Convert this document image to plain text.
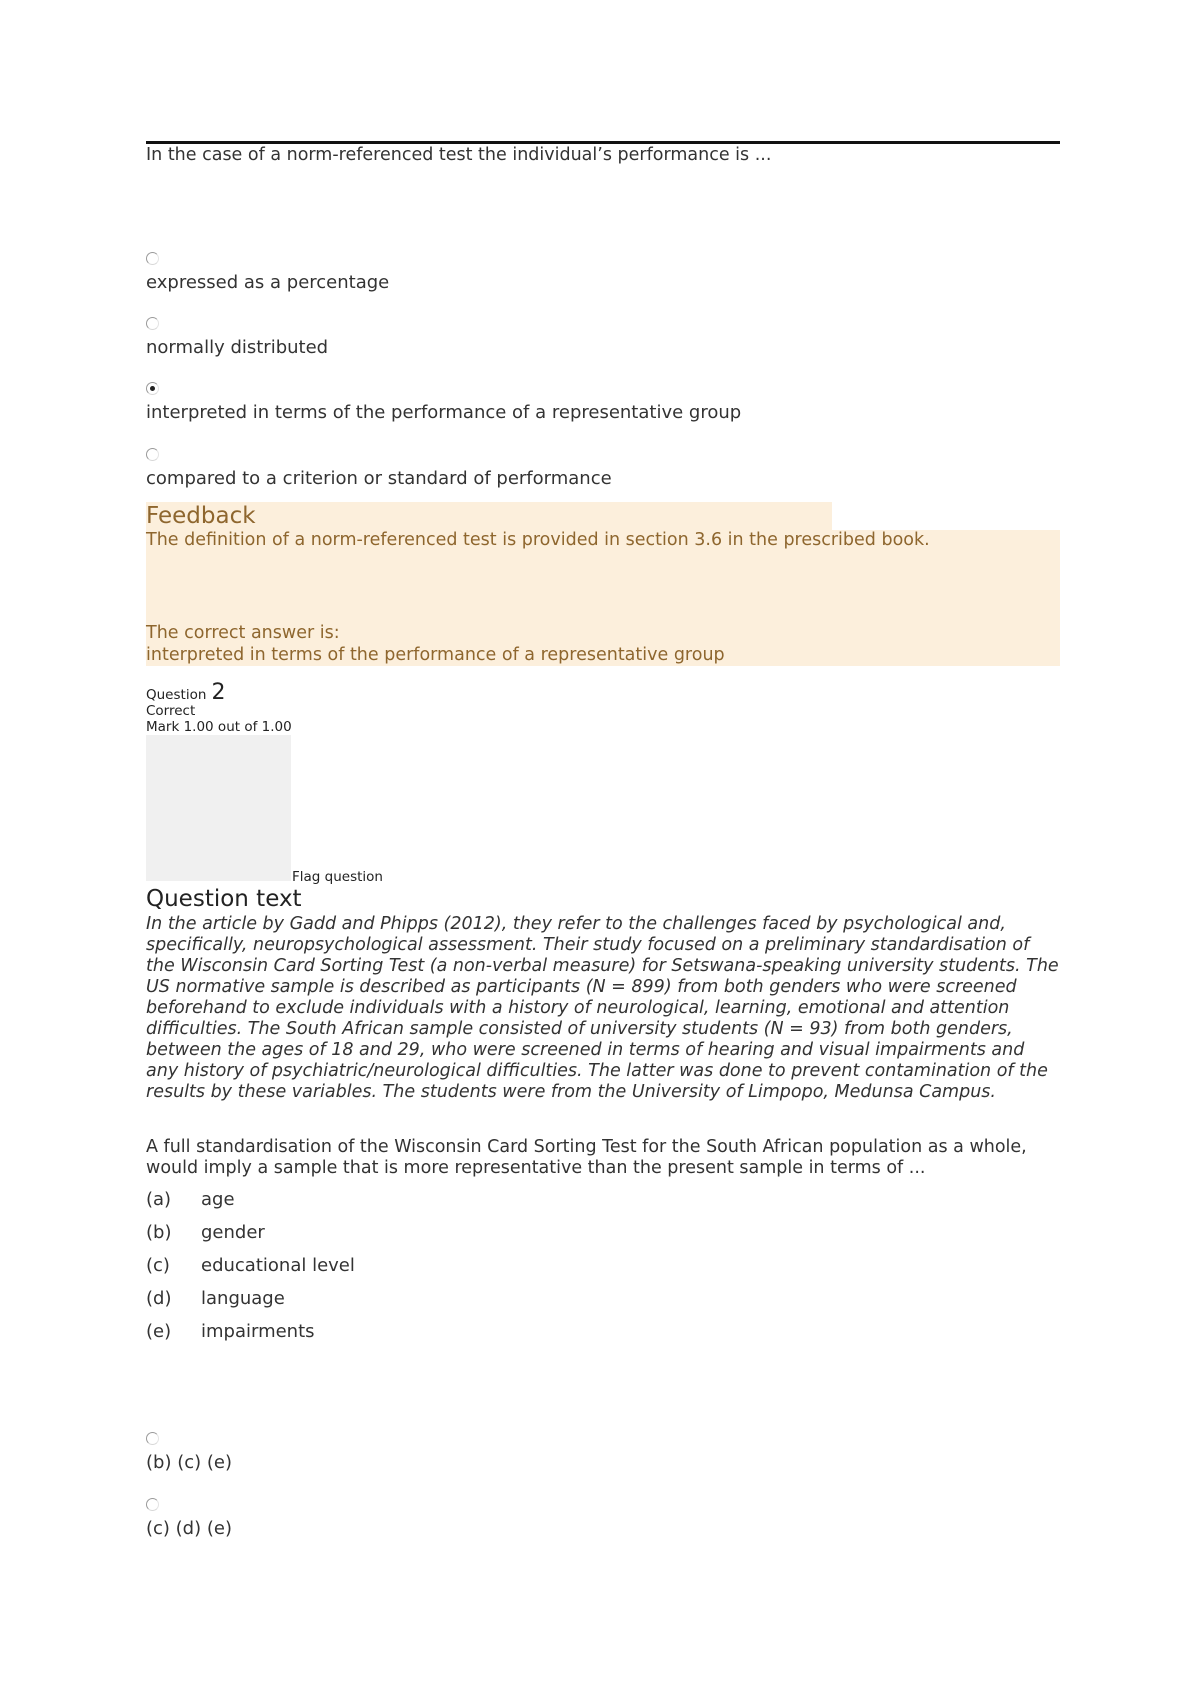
In the case of a norm-referenced test the individual’s performance is ...
expressed as a percentage
normally distributed
interpreted in terms of the performance of a representative group
compared to a criterion or standard of performance
Feedback
The definition of a norm-referenced test is provided in section 3.6 in the prescribed book.
The correct answer is:
interpreted in terms of the performance of a representative group
Question 2
Correct
Mark 1.00 out of 1.00
Flag question
Question text

In the article by Gadd and Phipps (2012), they refer to the challenges faced by psychological and, specifically, neuropsychological assessment. Their study focused on a preliminary standardisation of the Wisconsin Card Sorting Test (a non-verbal measure) for Setswana-speaking university students. The US normative sample is described as participants (N = 899) from both genders who were screened beforehand to exclude individuals with a history of neurological, learning, emotional and attention difficulties. The South African sample consisted of university students (N = 93) from both genders, between the ages of 18 and 29, who were screened in terms of hearing and visual impairments and any history of psychiatric/neurological difficulties. The latter was done to prevent contamination of the results by these variables. The students were from the University of Limpopo, Medunsa Campus.

A full standardisation of the Wisconsin Card Sorting Test for the South African population as a whole, would imply a sample that is more representative than the present sample in terms of ...

(a)	age
(b)	gender
(c)	educational level
(d)	language
(e)	impairments
(b) (c) (e)
(c) (d) (e)
